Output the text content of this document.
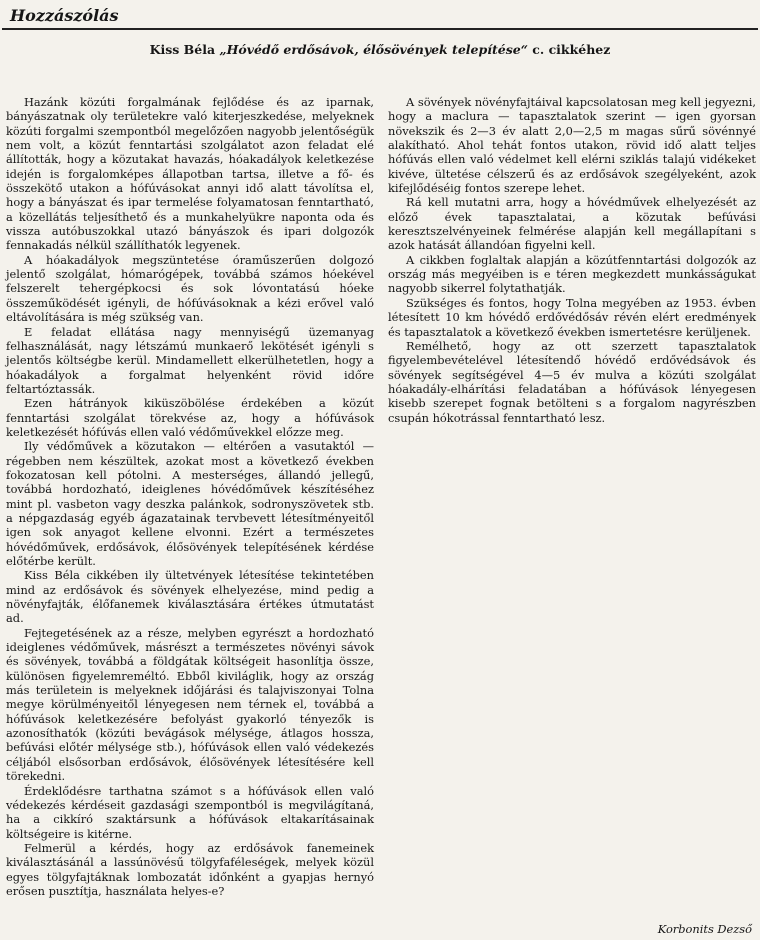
Hozzászólás
Kiss Béla „Hóvédő erdősávok, élősövények telepítése“ c. cikkéhez

Hazánk közúti forgalmának fejlődése és az iparnak, bányászatnak oly területekre való kiterjeszkedése, melyeknek közúti forgalmi szempontból megelőzően nagyobb jelentőségük nem volt, a közút fenntartási szolgálatot azon feladat elé állították, hogy a közutakat havazás, hóakadályok keletkezése idején is forgalomképes állapotban tartsa, illetve a fő- és összekötő utakon a hófúvásokat annyi idő alatt távolítsa el, hogy a bányászat és ipar termelése folyamatosan fenntartható, a közellátás teljesíthető és a munkahelyükre naponta oda és vissza autóbuszokkal utazó bányászok és ipari dolgozók fennakadás nélkül szállíthatók legyenek.

A hóakadályok megszüntetése óraműszerűen dolgozó jelentő szolgálat, hómarógépek, továbbá számos hóekével felszerelt tehergépkocsi és sok lóvontatású hóeke összeműködését igényli, de hófúvásoknak a kézi erővel való eltávolítására is még szükség van.

E feladat ellátása nagy mennyiségű üzemanyag felhasználását, nagy létszámú munkaerő lekötését igényli s jelentős költségbe kerül. Mindamellett elkerülhetetlen, hogy a hóakadályok a forgalmat helyenként rövid időre feltartóztassák.

Ezen hátrányok kiküszöbölése érdekében a közút fenntartási szolgálat törekvése az, hogy a hófúvások keletkezését hófúvás ellen való védőművekkel előzze meg.

Ily védőművek a közutakon — eltérően a vasutaktól — régebben nem készültek, azokat most a következő években fokozatosan kell pótolni. A mesterséges, állandó jellegű, továbbá hordozható, ideiglenes hóvédőművek készítéséhez mint pl. vasbeton vagy deszka palánkok, sodronyszövetek stb. a népgazdaság egyéb ágazatainak tervbevett létesítményeitől igen sok anyagot kellene elvonni. Ezért a természetes hóvédőművek, erdősávok, élősövények telepítésének kérdése előtérbe került.

Kiss Béla cikkében ily ültetvények létesítése tekintetében mind az erdősávok és sövények elhelyezése, mind pedig a növényfajták, élőfanemek kiválasztására értékes útmutatást ad.

Fejtegetésének az a része, melyben egyrészt a hordozható ideiglenes védőművek, másrészt a természetes növényi sávok és sövények, továbbá a földgátak költségeit hasonlítja össze, különösen figyelemreméltó. Ebből kiviláglik, hogy az ország más területein is melyeknek időjárási és talajviszonyai Tolna megye körülményeitől lényegesen nem térnek el, továbbá a hófúvások keletkezésére befolyást gyakorló tényezők is azonosíthatók (közúti bevágások mélysége, átlagos hossza, befúvási előtér mélysége stb.), hófúvások ellen való védekezés céljából elsősorban erdősávok, élősövények létesítésére kell törekedni.

Érdeklődésre tarthatna számot s a hófúvások ellen való védekezés kérdéseit gazdasági szempontból is megvilágítaná, ha a cikkíró szaktársunk a hófúvások eltakarításainak költségeire is kitérne.

Felmerül a kérdés, hogy az erdősávok fanemeinek kiválasztásánál a lassúnövésű tölgyfaféleségek, melyek közül egyes tölgyfajtáknak lombozatát időnként a gyapjas hernyó erősen pusztítja, használata helyes-e?

A sövények növényfajtáival kapcsolatosan meg kell jegyezni, hogy a maclura — tapasztalatok szerint — igen gyorsan növekszik és 2—3 év alatt 2,0—2,5 m magas sűrű sövénnyé alakítható. Ahol tehát fontos utakon, rövid idő alatt teljes hófúvás ellen való védelmet kell elérni sziklás talajú vidékeket kivéve, ültetése célszerű és az erdősávok szegélyeként, azok kifejlődéséig fontos szerepe lehet.

Rá kell mutatni arra, hogy a hóvédművek elhelyezését az előző évek tapasztalatai, a közutak befúvási keresztszelvényeinek felmérése alapján kell megállapítani s azok hatását állandóan figyelni kell.

A cikkben foglaltak alapján a közútfenntartási dolgozók az ország más megyéiben is e téren megkezdett munkásságukat nagyobb sikerrel folytathatják.

Szükséges és fontos, hogy Tolna megyében az 1953. évben létesített 10 km hóvédő erdővédősáv révén elért eredmények és tapasztalatok a következő években ismertetésre kerüljenek.

Remélhető, hogy az ott szerzett tapasztalatok figyelembevételével létesítendő hóvédő erdővédsávok és sövények segítségével 4—5 év mulva a közúti szolgálat hóakadály-elhárítási feladatában a hófúvások lényegesen kisebb szerepet fognak betölteni s a forgalom nagyrészben csupán hókotrással fenntartható lesz.

Korbonits Dezső
